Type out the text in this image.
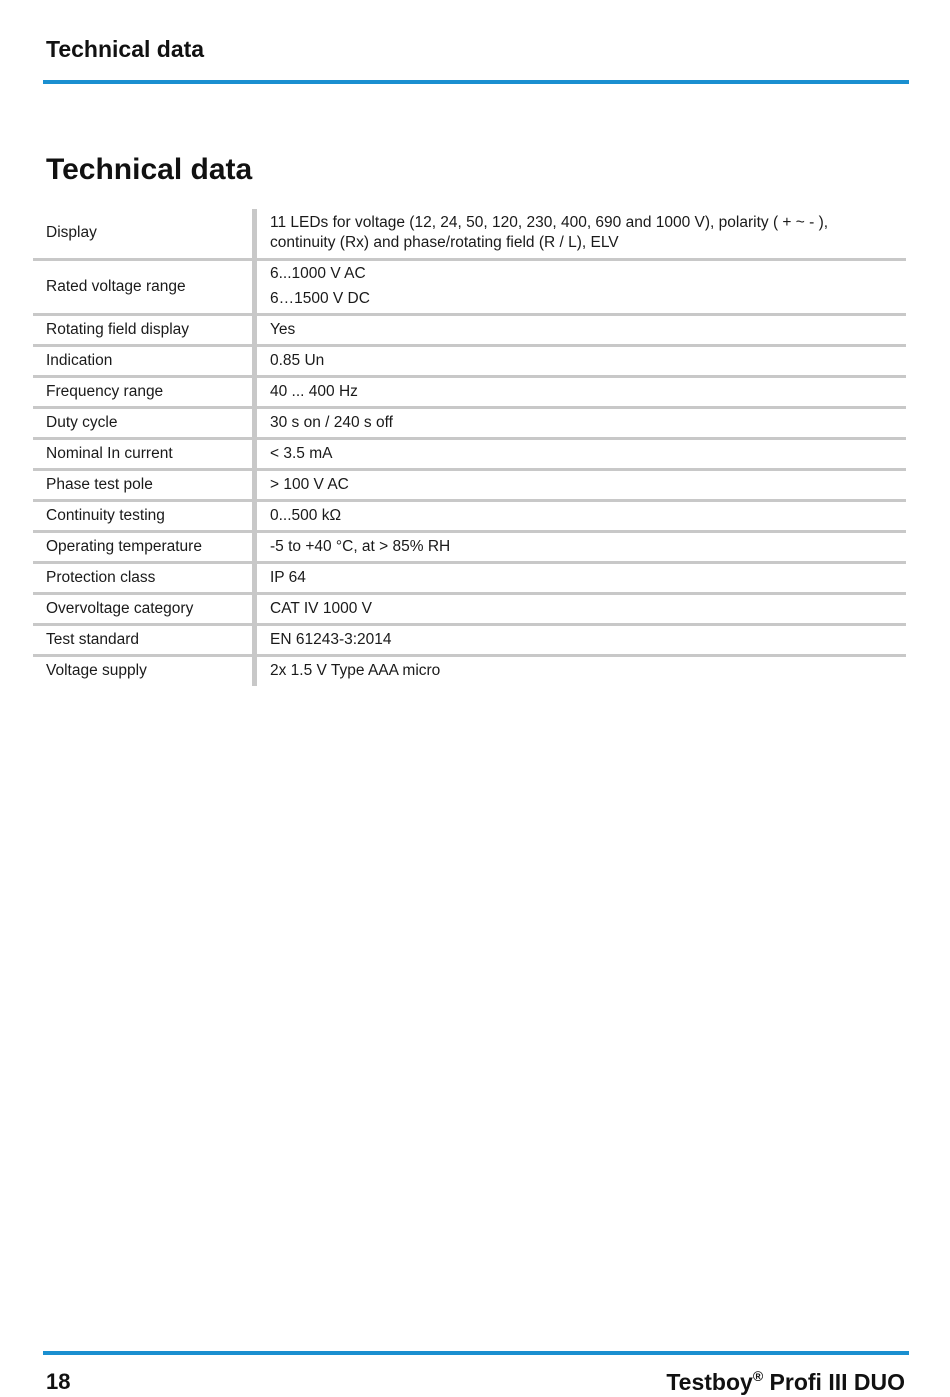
Technical data
Technical data
Display	11 LEDs for voltage (12, 24, 50, 120, 230, 400, 690 and 1000 V), polarity ( + ~ - ),
continuity (Rx) and phase/rotating field (R / L), ELV

Rated voltage range	6...1000 V AC
6…1500 V DC

Rotating field display	Yes
Indication	0.85 Un
Frequency range	40 ... 400 Hz
Duty cycle	30 s on / 240 s off
Nominal In current	< 3.5 mA
Phase test pole	> 100 V AC
Continuity testing	0...500 kΩ
Operating temperature	-5 to +40 °C, at > 85% RH
Protection class	IP 64
Overvoltage category	CAT IV 1000 V
Test standard	EN 61243-3:2014
Voltage supply	2x 1.5 V Type AAA micro
18	Testboy® Profi III DUO
